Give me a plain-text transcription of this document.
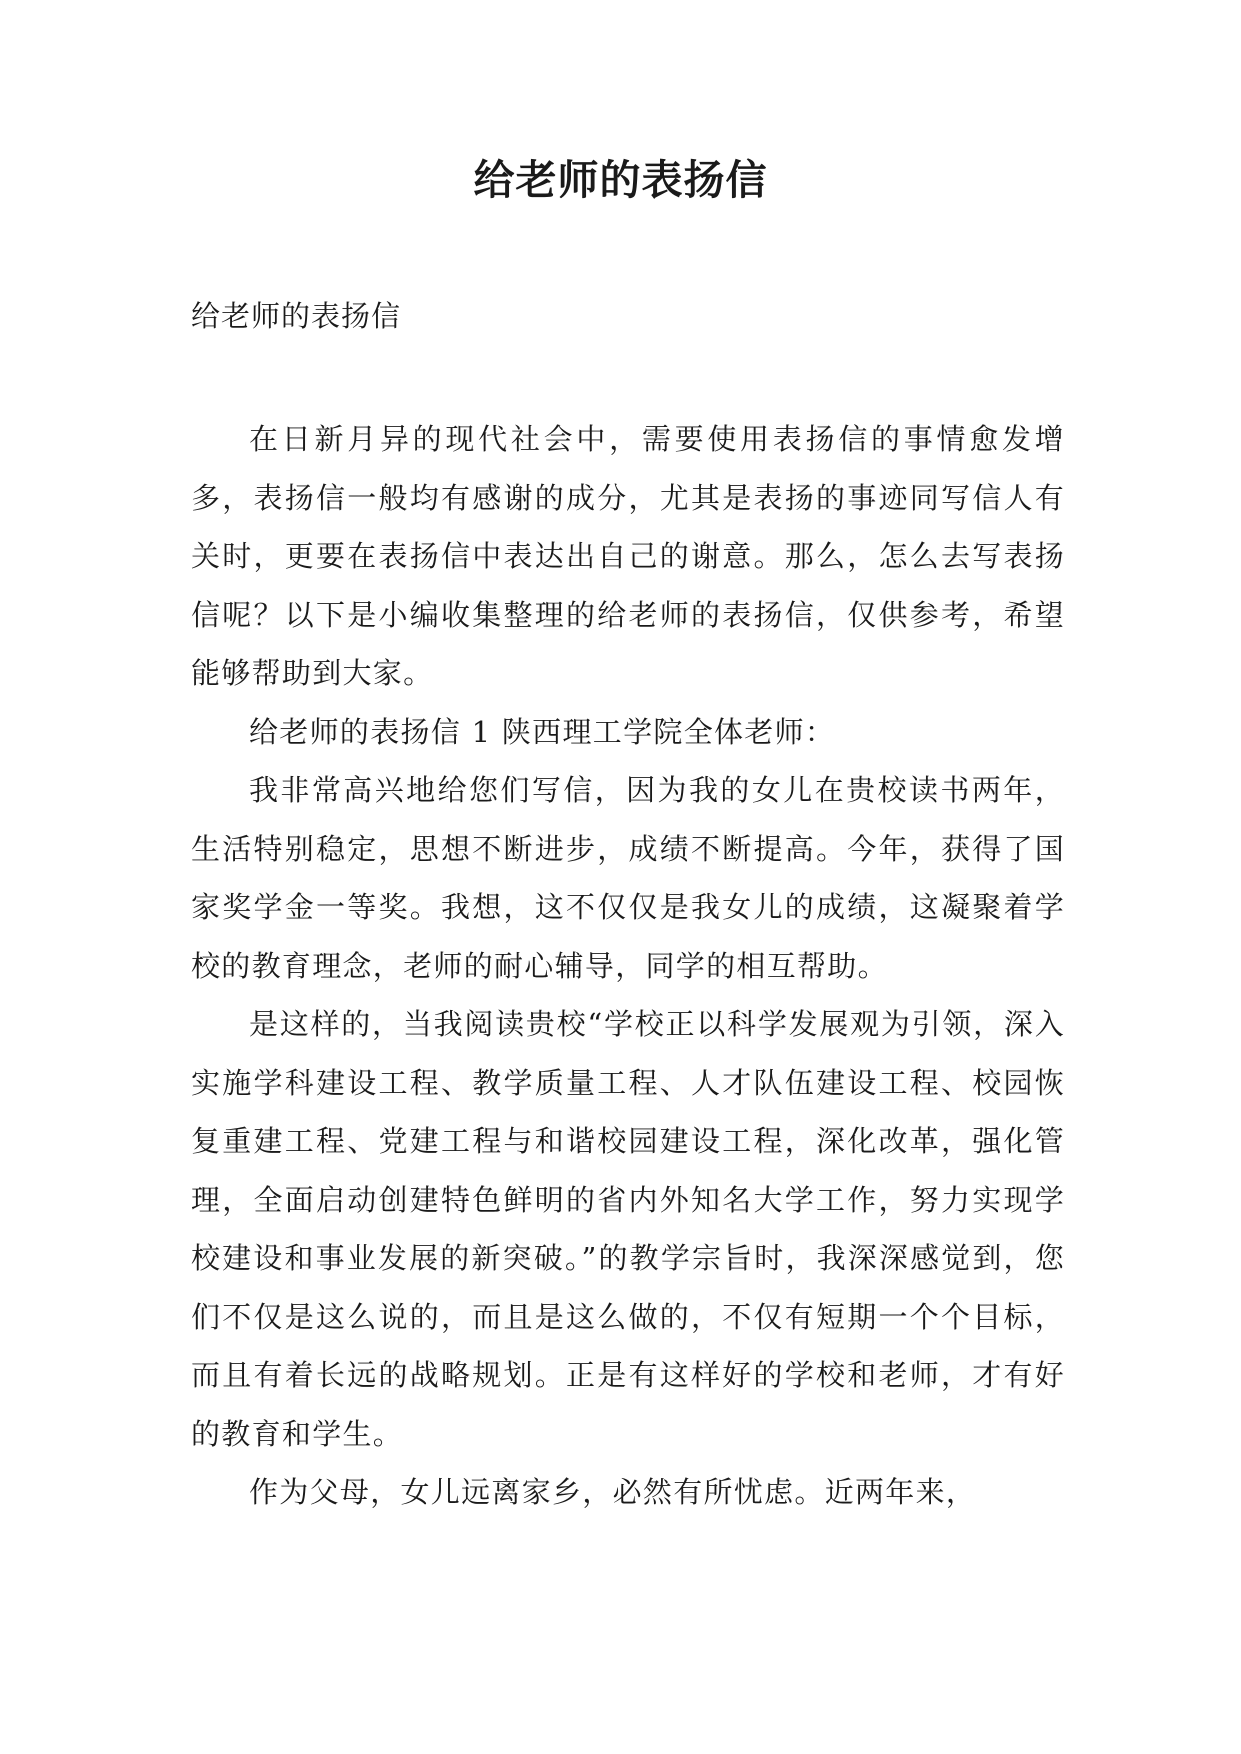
给老师的表扬信
给老师的表扬信

在日新月异的现代社会中，需要使用表扬信的事情愈发增多，表扬信一般均有感谢的成分，尤其是表扬的事迹同写信人有关时，更要在表扬信中表达出自己的谢意。那么，怎么去写表扬信呢？以下是小编收集整理的给老师的表扬信，仅供参考，希望能够帮助到大家。

给老师的表扬信 1 陕西理工学院全体老师：

我非常高兴地给您们写信，因为我的女儿在贵校读书两年，生活特别稳定，思想不断进步，成绩不断提高。今年，获得了国家奖学金一等奖。我想，这不仅仅是我女儿的成绩，这凝聚着学校的教育理念，老师的耐心辅导，同学的相互帮助。

是这样的，当我阅读贵校“学校正以科学发展观为引领，深入实施学科建设工程、教学质量工程、人才队伍建设工程、校园恢复重建工程、党建工程与和谐校园建设工程，深化改革，强化管理，全面启动创建特色鲜明的省内外知名大学工作，努力实现学校建设和事业发展的新突破。”的教学宗旨时，我深深感觉到，您们不仅是这么说的，而且是这么做的，不仅有短期一个个目标，而且有着长远的战略规划。正是有这样好的学校和老师，才有好的教育和学生。

作为父母，女儿远离家乡，必然有所忧虑。近两年来，
